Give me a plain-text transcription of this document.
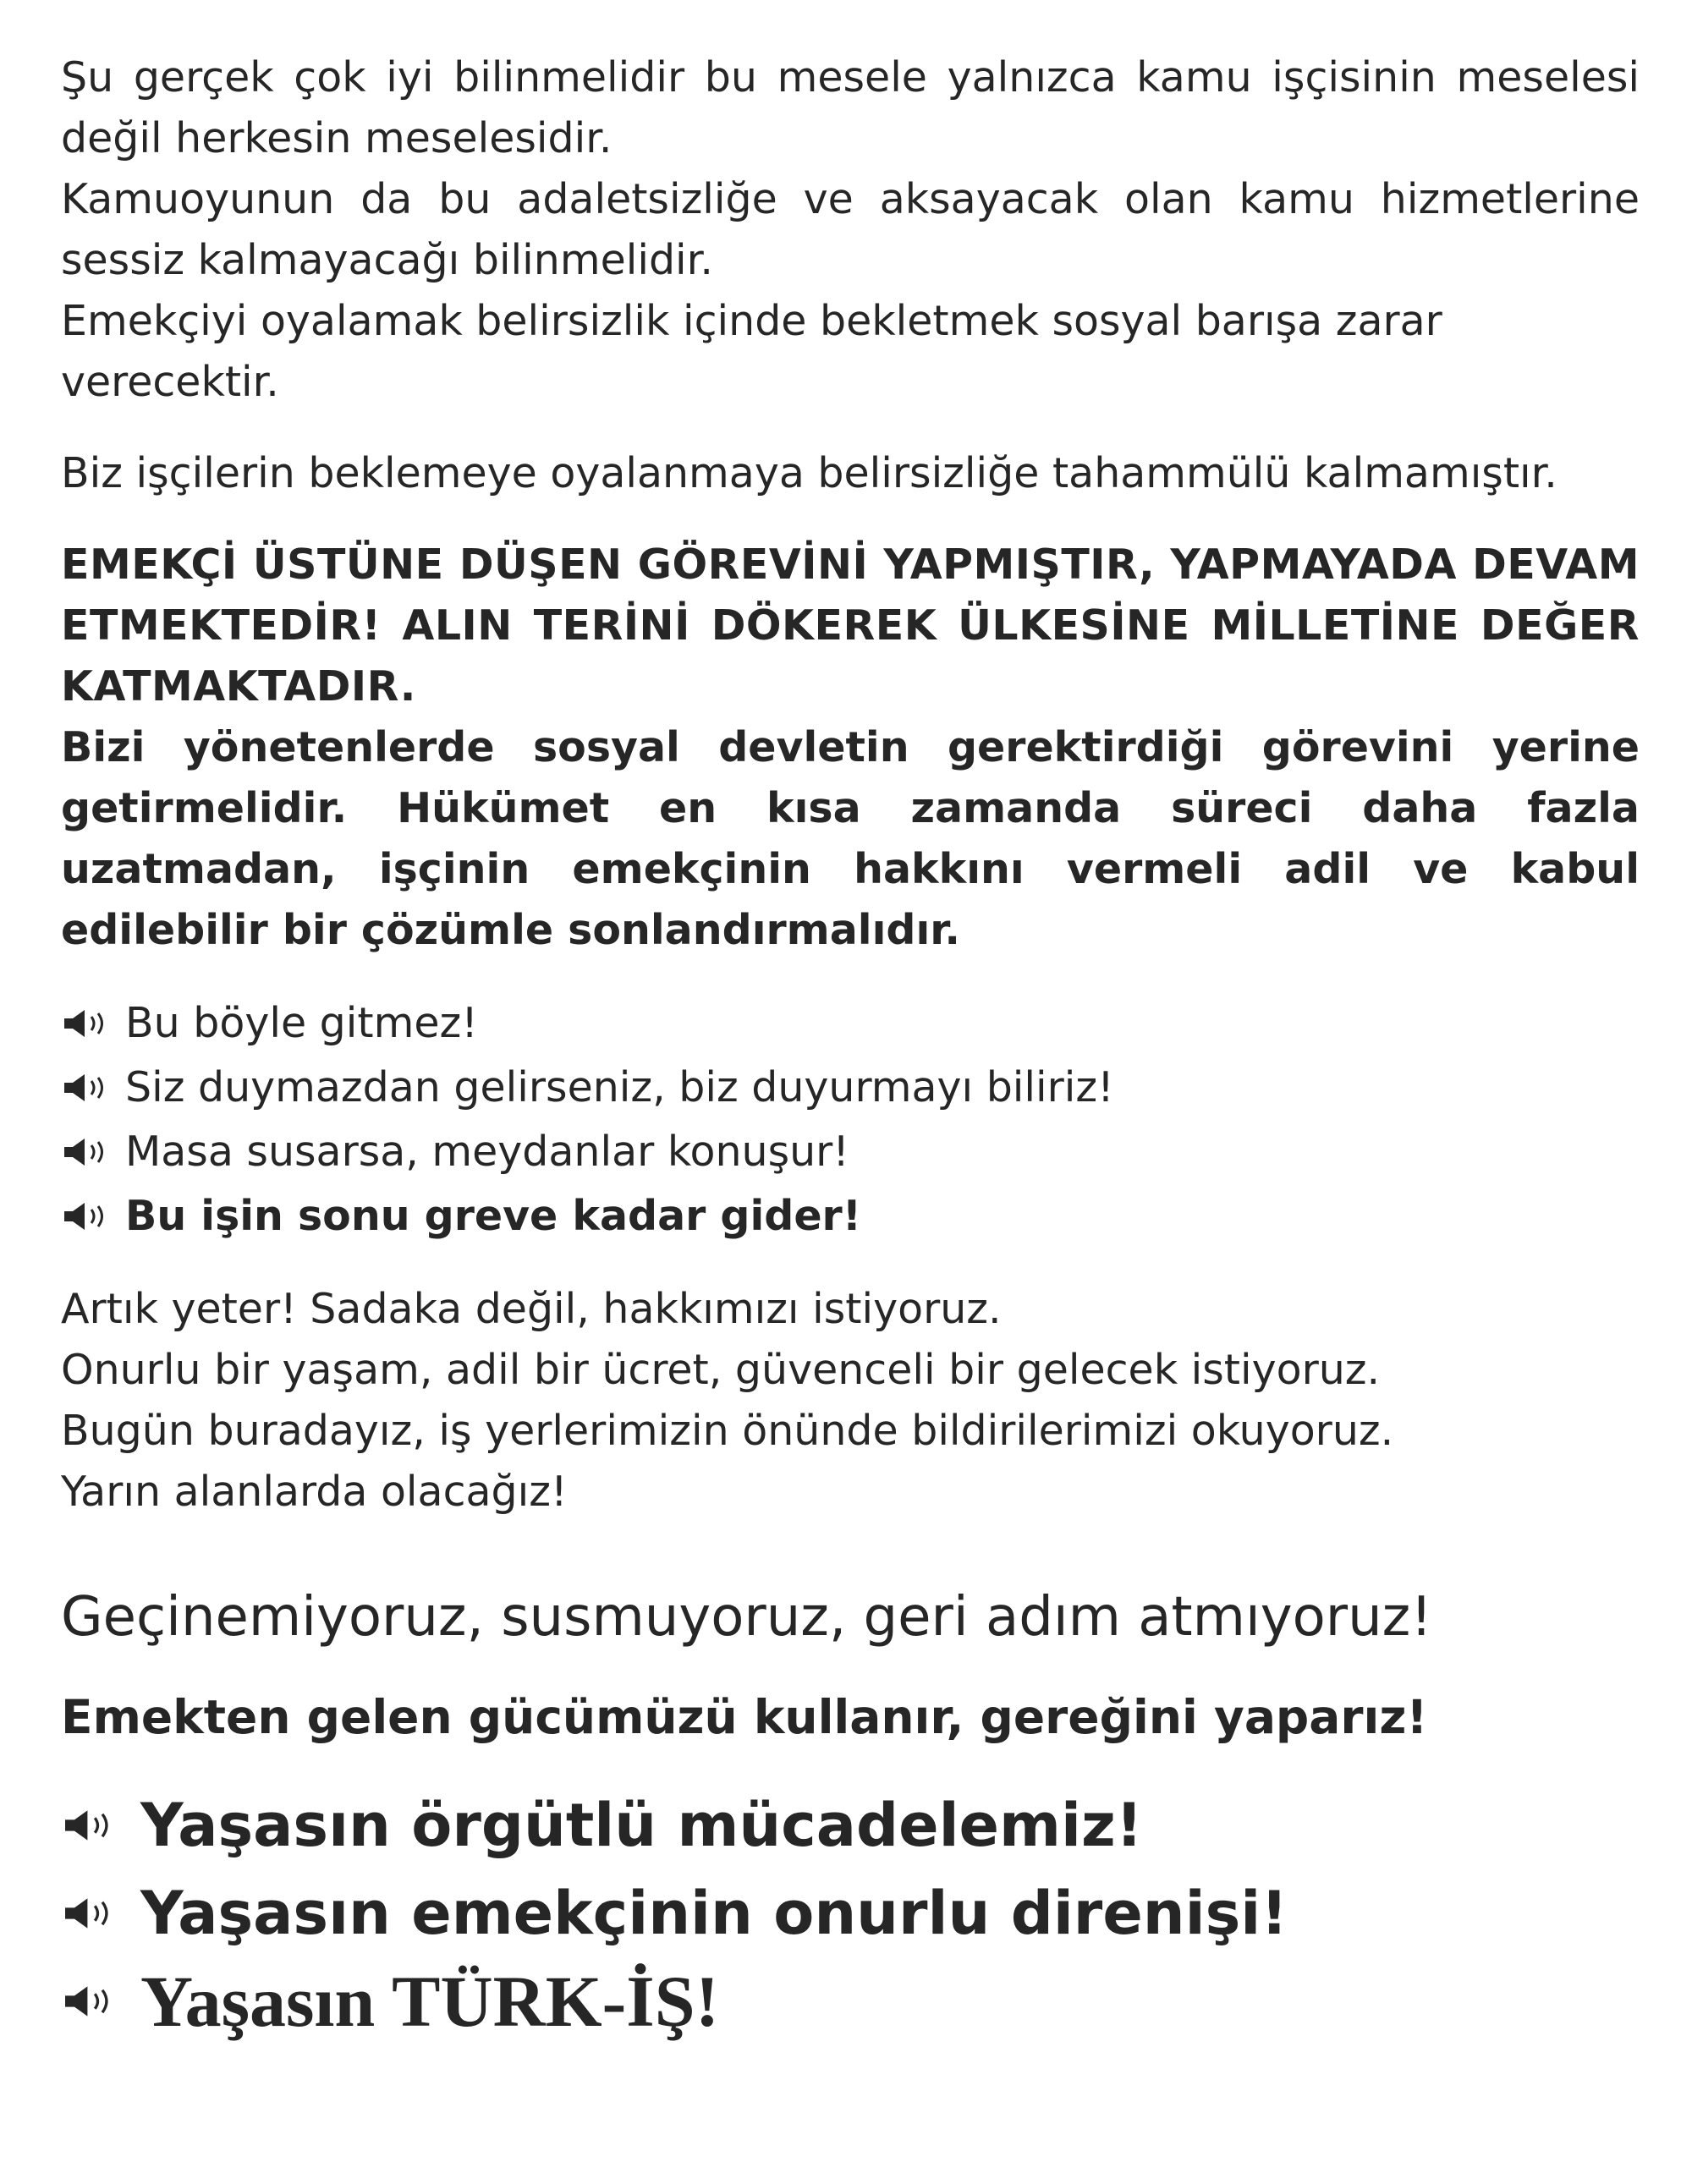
Şu gerçek çok iyi bilinmelidir bu mesele yalnızca kamu işçisinin meselesi değil herkesin meselesidir.

Kamuoyunun da bu adaletsizliğe ve aksayacak olan kamu hizmetlerine sessiz kalmayacağı bilinmelidir.

Emekçiyi oyalamak belirsizlik içinde bekletmek sosyal barışa zarar verecektir.

Biz işçilerin beklemeye oyalanmaya belirsizliğe tahammülü kalmamıştır.

EMEKÇİ ÜSTÜNE DÜŞEN GÖREVİNİ YAPMIŞTIR, YAPMAYADA DEVAM ETMEKTEDİR! ALIN TERİNİ DÖKEREK ÜLKESİNE MİLLETİNE DEĞER KATMAKTADIR.

Bizi yönetenlerde sosyal devletin gerektirdiği görevini yerine getirmelidir. Hükümet en kısa zamanda süreci daha fazla uzatmadan, işçinin emekçinin hakkını vermeli adil ve kabul edilebilir bir çözümle sonlandırmalıdır.

Bu böyle gitmez!
Siz duymazdan gelirseniz, biz duyurmayı biliriz!
Masa susarsa, meydanlar konuşur!
Bu işin sonu greve kadar gider!

Artık yeter! Sadaka değil, hakkımızı istiyoruz.

Onurlu bir yaşam, adil bir ücret, güvenceli bir gelecek istiyoruz.

Bugün buradayız, iş yerlerimizin önünde bildirilerimizi okuyoruz.

Yarın alanlarda olacağız!

Geçinemiyoruz, susmuyoruz, geri adım atmıyoruz!

Emekten gelen gücümüzü kullanır, gereğini yaparız!

Yaşasın örgütlü mücadelemiz!
Yaşasın emekçinin onurlu direnişi!
Yaşasın TÜRK-İŞ!
